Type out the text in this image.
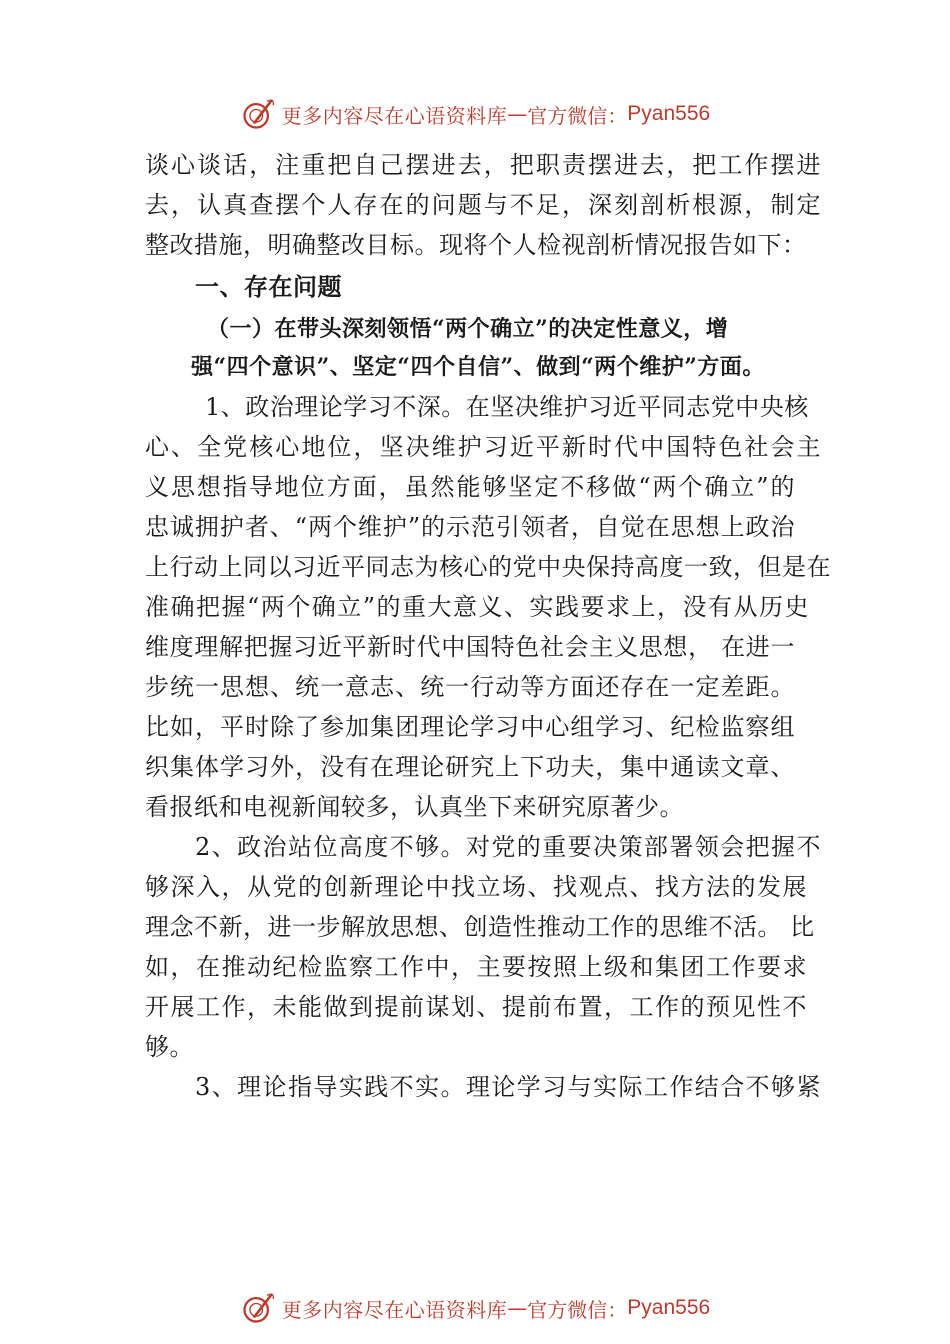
更多内容尽在心语资料库 — 官方微信： Pyan556
谈心谈话，注重把自己摆进去，把职责摆进去，把工作摆进
去，认真查摆个人存在的问题与不足，深刻剖析根源，制定
整改措施，明确整改目标。现将个人检视剖析情况报告如下：
一、存在问题
（一）在带头深刻领悟“两个确立”的决定性意义，增
强“四个意识”、坚定“四个自信”、做到“两个维护”方面。
1、政治理论学习不深。在坚决维护习近平同志党中央核
心、全党核心地位，坚决维护习近平新时代中国特色社会主
义思想指导地位方面，虽然能够坚定不移做“两个确立”的
忠诚拥护者、“两个维护”的示范引领者，自觉在思想上政治
上行动上同以习近平同志为核心的党中央保持高度一致，但是在
准确把握“两个确立”的重大意义、实践要求上，没有从历史
维度理解把握习近平新时代中国特色社会主义思想， 在进一
步统一思想、统一意志、统一行动等方面还存在一定差距。
比如，平时除了参加集团理论学习中心组学习、纪检监察组
织集体学习外，没有在理论研究上下功夫，集中通读文章、
看报纸和电视新闻较多，认真坐下来研究原著少。
2、政治站位高度不够。对党的重要决策部署领会把握不
够深入，从党的创新理论中找立场、找观点、找方法的发展
理念不新，进一步解放思想、创造性推动工作的思维不活。 比
如，在推动纪检监察工作中，主要按照上级和集团工作要求
开展工作，未能做到提前谋划、提前布置，工作的预见性不
够。
3、理论指导实践不实。理论学习与实际工作结合不够紧
更多内容尽在心语资料库 — 官方微信： Pyan556
